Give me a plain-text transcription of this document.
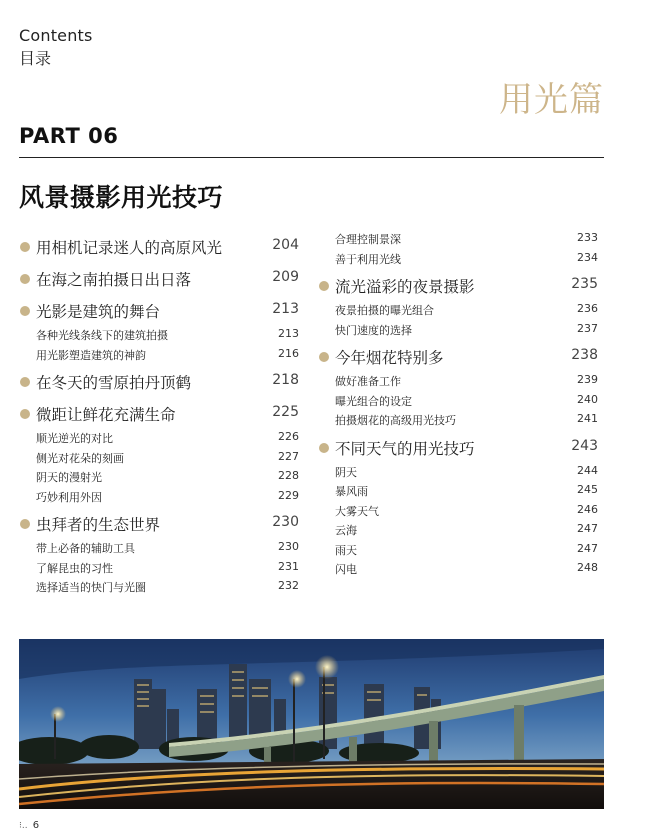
Contents
目录
用光篇
PART 06
风景摄影用光技巧
用相机记录迷人的高原风光	204
在海之南拍摄日出日落	209
光影是建筑的舞台	213
各种光线条线下的建筑拍摄	213
用光影塑造建筑的神韵	216
在冬天的雪原拍丹顶鹤	218
微距让鲜花充满生命	225
顺光逆光的对比	226
侧光对花朵的刻画	227
阴天的漫射光	228
巧妙利用外因	229
虫拜者的生态世界	230
带上必备的辅助工具	230
了解昆虫的习性	231
选择适当的快门与光圈	232
合理控制景深	233
善于利用光线	234
流光溢彩的夜景摄影	235
夜景拍摄的曝光组合	236
快门速度的选择	237
今年烟花特别多	238
做好准备工作	239
曝光组合的设定	240
拍摄烟花的高级用光技巧	241
不同天气的用光技巧	243
阴天	244
暴风雨	245
大雾天气	246
云海	247
雨天	247
闪电	248
⁝.. 6
